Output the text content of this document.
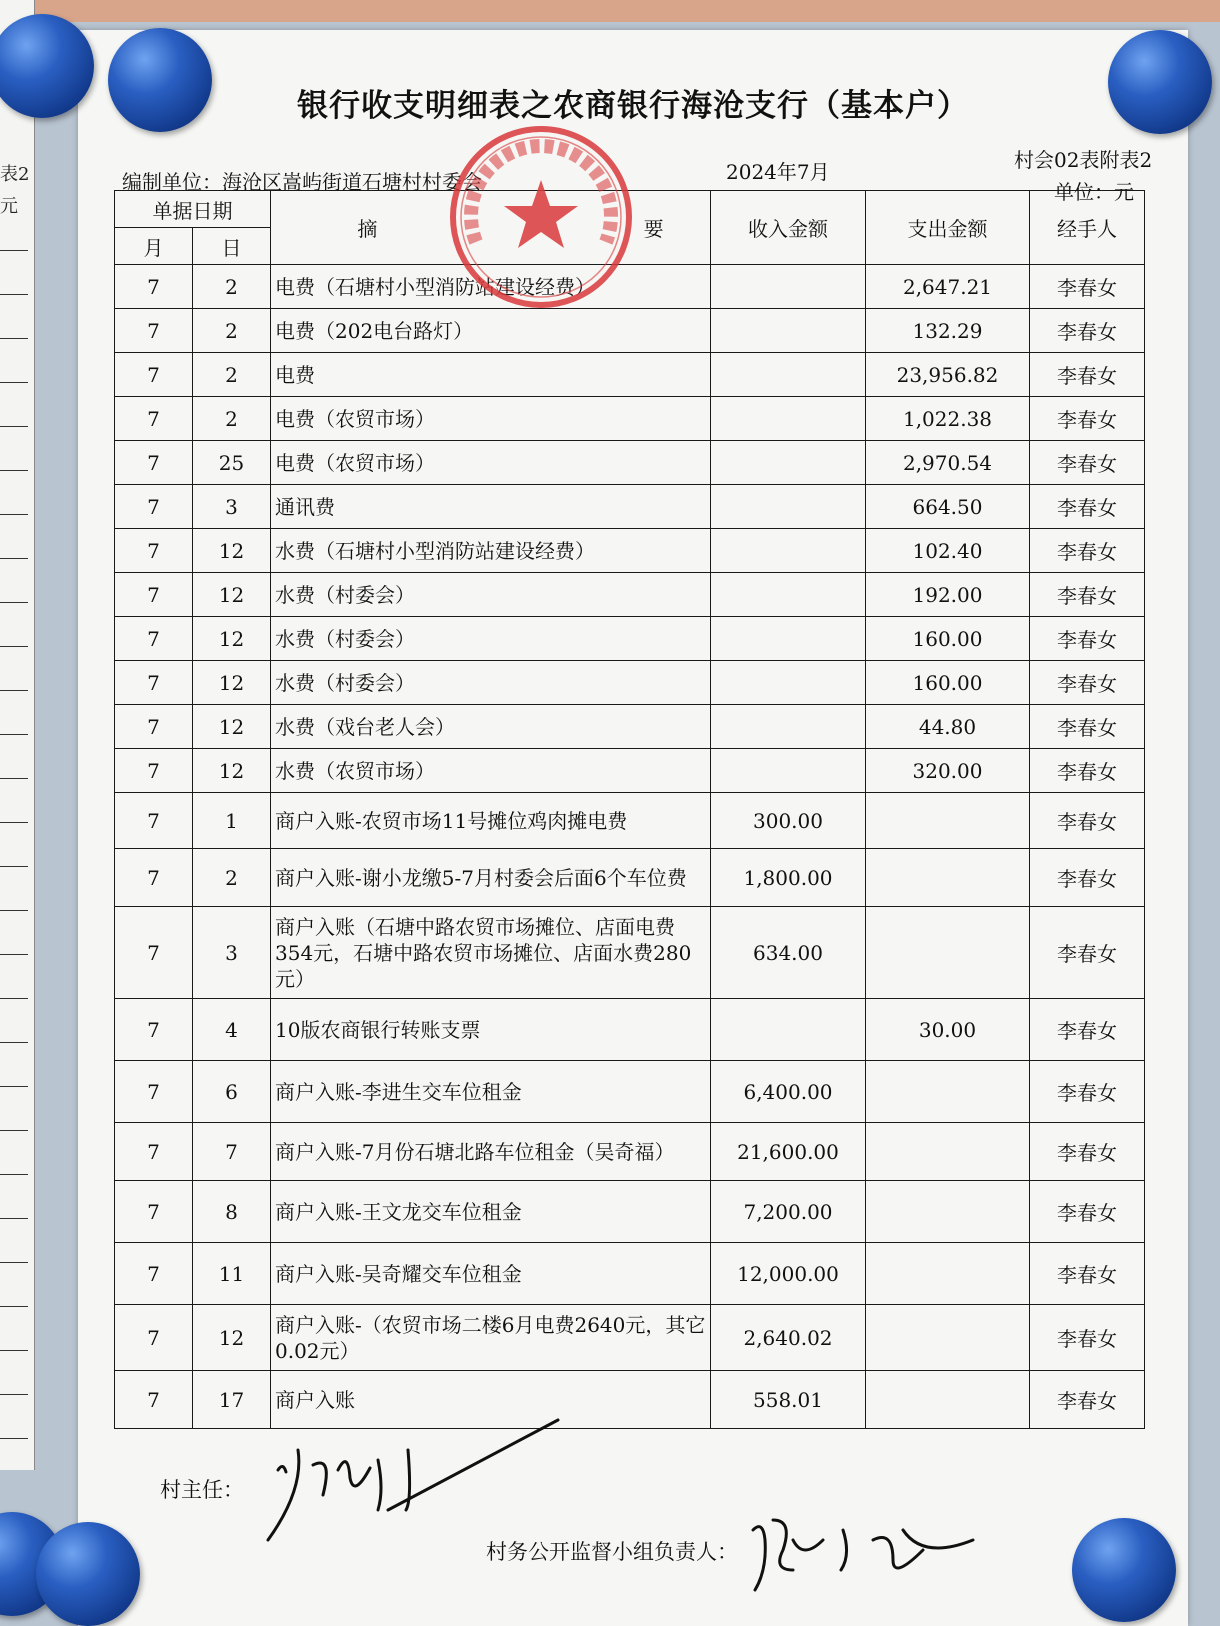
表2
元
银行收支明细表之农商银行海沧支行（基本户）
编制单位：海沧区嵩屿街道石塘村村委会	2024年7月	村会02表附表2
单位：元
单据日期		摘 要	收入金额	支出金额	经手人
月	日				
7	2	电费（石塘村小型消防站建设经费）		2,647.21	李春女
7	2	电费（202电台路灯）		132.29	李春女
7	2	电费		23,956.82	李春女
7	2	电费（农贸市场）		1,022.38	李春女
7	25	电费（农贸市场）		2,970.54	李春女
7	3	通讯费		664.50	李春女
7	12	水费（石塘村小型消防站建设经费）		102.40	李春女
7	12	水费（村委会）		192.00	李春女
7	12	水费（村委会）		160.00	李春女
7	12	水费（村委会）		160.00	李春女
7	12	水费（戏台老人会）		44.80	李春女
7	12	水费（农贸市场）		320.00	李春女
7	1	商户入账-农贸市场11号摊位鸡肉摊电费	300.00		李春女
7	2	商户入账-谢小龙缴5-7月村委会后面6个车位费	1,800.00		李春女
7	3	商户入账（石塘中路农贸市场摊位、店面电费354元，石塘中路农贸市场摊位、店面水费280元）	634.00		李春女
7	4	10版农商银行转账支票		30.00	李春女
7	6	商户入账-李进生交车位租金	6,400.00		李春女
7	7	商户入账-7月份石塘北路车位租金（吴奇福）	21,600.00		李春女
7	8	商户入账-王文龙交车位租金	7,200.00		李春女
7	11	商户入账-吴奇耀交车位租金	12,000.00		李春女
7	12	商户入账-（农贸市场二楼6月电费2640元，其它0.02元）	2,640.02		李春女
7	17	商户入账	558.01		李春女
村主任：
村务公开监督小组负责人：
